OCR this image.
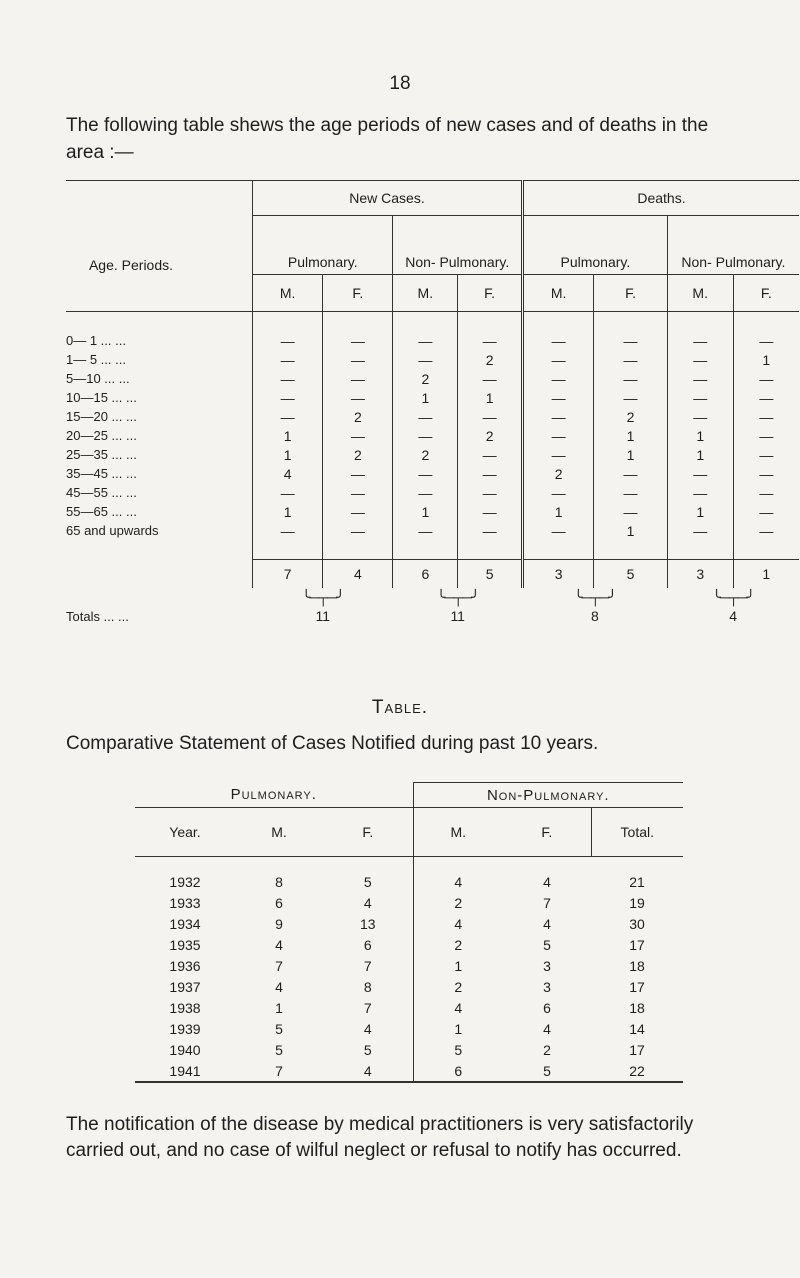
18
The following table shews the age periods of new cases and of deaths in the area :—
	New Cases.				Deaths.			

Age. Periods.	Pulmonary.		Non- Pulmonary.		Pulmonary.		Non- Pulmonary.	
	M.	F.	M.	F.	M.	F.	M.	F.

0— 1 ... ...	—	—	—	—	—	—	—	—
1— 5 ... ...	—	—	—	2	—	—	—	1
5—10 ... ...	—	—	2	—	—	—	—	—
10—15 ... ...	—	—	1	1	—	—	—	—
15—20 ... ...	—	2	—	—	—	2	—	—
20—25 ... ...	1	—	—	2	—	1	1	—
25—35 ... ...	1	2	2	—	—	1	1	—
35—45 ... ...	4	—	—	—	2	—	—	—
45—55 ... ...	—	—	—	—	—	—	—	—
55—65 ... ...	1	—	1	—	1	—	1	—
65 and upwards	—	—	—	—	—	1	—	—

	7	4	6	5	3	5	3	1
	╰─┬─╯		╰─┬─╯		╰─┬─╯		╰─┬─╯	
Totals ... ...	11		11		8		4	
Table.
Comparative Statement of Cases Notified during past 10 years.
Pulmonary.			Non-Pulmonary.		
Year.	M.	F.	M.	F.	Total.
1932	8	5	4	4	21
1933	6	4	2	7	19
1934	9	13	4	4	30
1935	4	6	2	5	17
1936	7	7	1	3	18
1937	4	8	2	3	17
1938	1	7	4	6	18
1939	5	4	1	4	14
1940	5	5	5	2	17
1941	7	4	6	5	22
The notification of the disease by medical practitioners is very satisfactorily carried out, and no case of wilful neglect or refusal to notify has occurred.
